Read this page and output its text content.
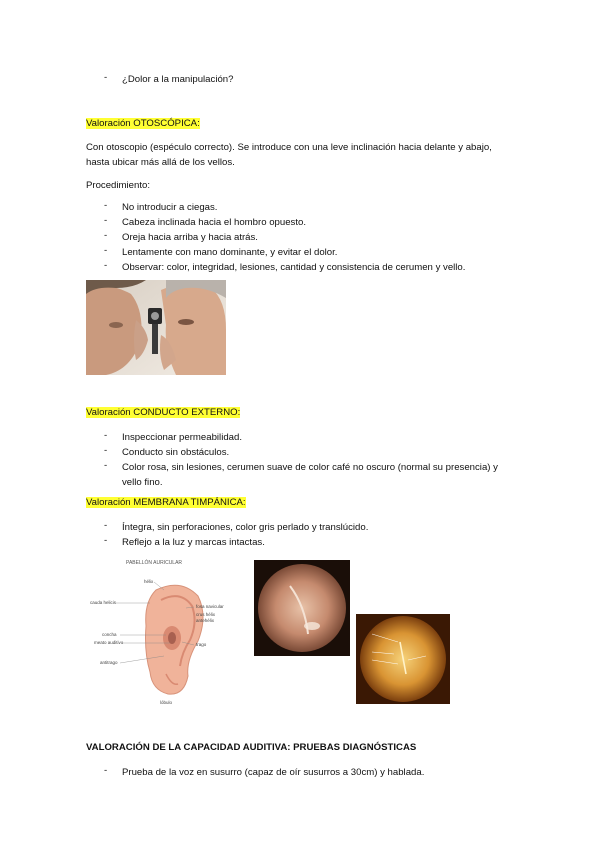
- ¿Dolor a la manipulación?
Valoración OTOSCÓPICA:
Con otoscopio (espéculo correcto). Se introduce con una leve inclinación hacia delante y abajo, hasta ubicar más allá de los vellos.
Procedimiento:
- No introducir a ciegas.
- Cabeza inclinada hacia el hombro opuesto.
- Oreja hacia arriba y hacia atrás.
- Lentamente con mano dominante, y evitar el dolor.
- Observar: color, integridad, lesiones, cantidad y consistencia de cerumen y vello.
Valoración CONDUCTO EXTERNO:
- Inspeccionar permeabilidad.
- Conducto sin obstáculos.
- Color rosa, sin lesiones, cerumen suave de color café no oscuro (normal su presencia) y vello fino.
Valoración MEMBRANA TIMPÁNICA:
- Íntegra, sin perforaciones, color gris perlado y translúcido.
- Reflejo a la luz y marcas intactas.
PABELLÓN AURICULAR
hélix
cauda helicis
fosa navicular
crus hélix
antehélix
concha
meato auditivo	trago
antitrago
lóbulo
VALORACIÓN DE LA CAPACIDAD AUDITIVA: PRUEBAS DIAGNÓSTICAS
- Prueba de la voz en susurro (capaz de oír susurros a 30cm) y hablada.
